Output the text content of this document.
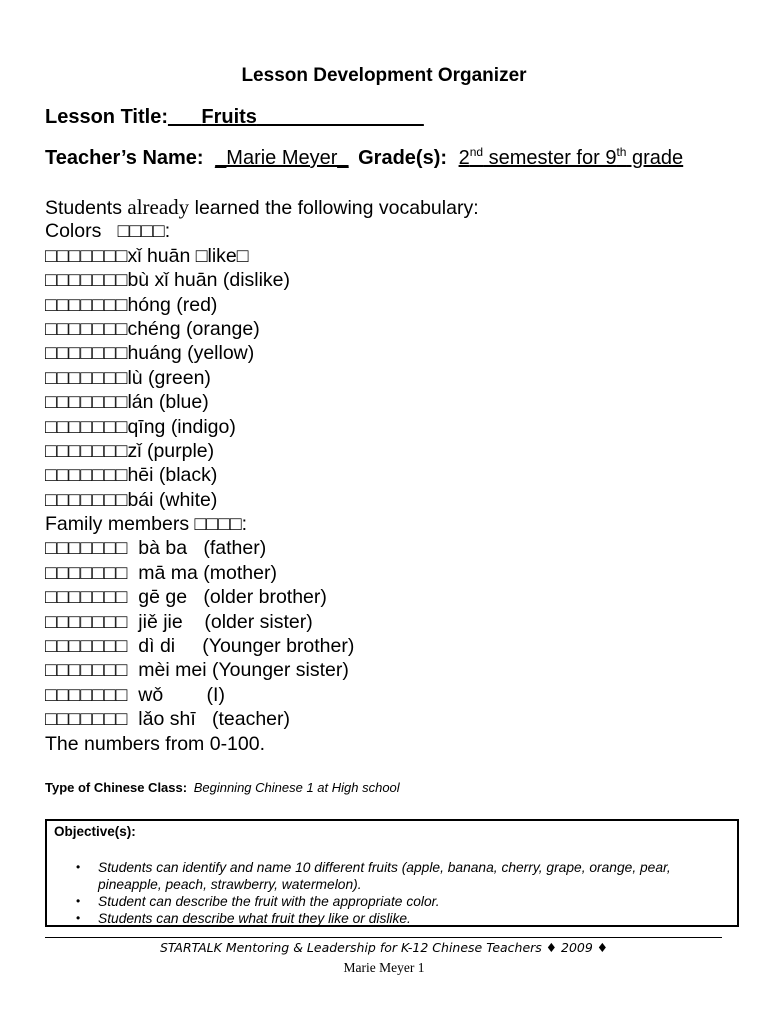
Lesson Development Organizer
Lesson Title:___Fruits_______________
Teacher’s Name: _Marie Meyer_ Grade(s): 2nd semester for 9th grade
Students already learned the following vocabulary:
Colors   □□□□:
□□□□□□□xǐ huān □like□
□□□□□□□bù xǐ huān (dislike)
□□□□□□□hóng (red)
□□□□□□□chéng (orange)
□□□□□□□huáng (yellow)
□□□□□□□lù (green)
□□□□□□□lán (blue)
□□□□□□□qīng (indigo)
□□□□□□□zǐ (purple)
□□□□□□□hēi (black)
□□□□□□□bái (white)
Family members □□□□:
□□□□□□□  bà ba   (father)
□□□□□□□  mā ma (mother)
□□□□□□□  gē ge   (older brother)
□□□□□□□  jiě jie    (older sister)
□□□□□□□  dì di     (Younger brother)
□□□□□□□  mèi mei (Younger sister)
□□□□□□□  wǒ        (I)
□□□□□□□  lǎo shī   (teacher)
The numbers from 0-100.
Type of Chinese Class: Beginning Chinese 1 at High school
Objective(s):
• Students can identify and name 10 different fruits (apple, banana, cherry, grape, orange, pear, pineapple, peach, strawberry, watermelon).
• Student can describe the fruit with the appropriate color.
• Students can describe what fruit they like or dislike.
STARTALK Mentoring & Leadership for K-12 Chinese Teachers ♦ 2009 ♦
Marie Meyer 1
